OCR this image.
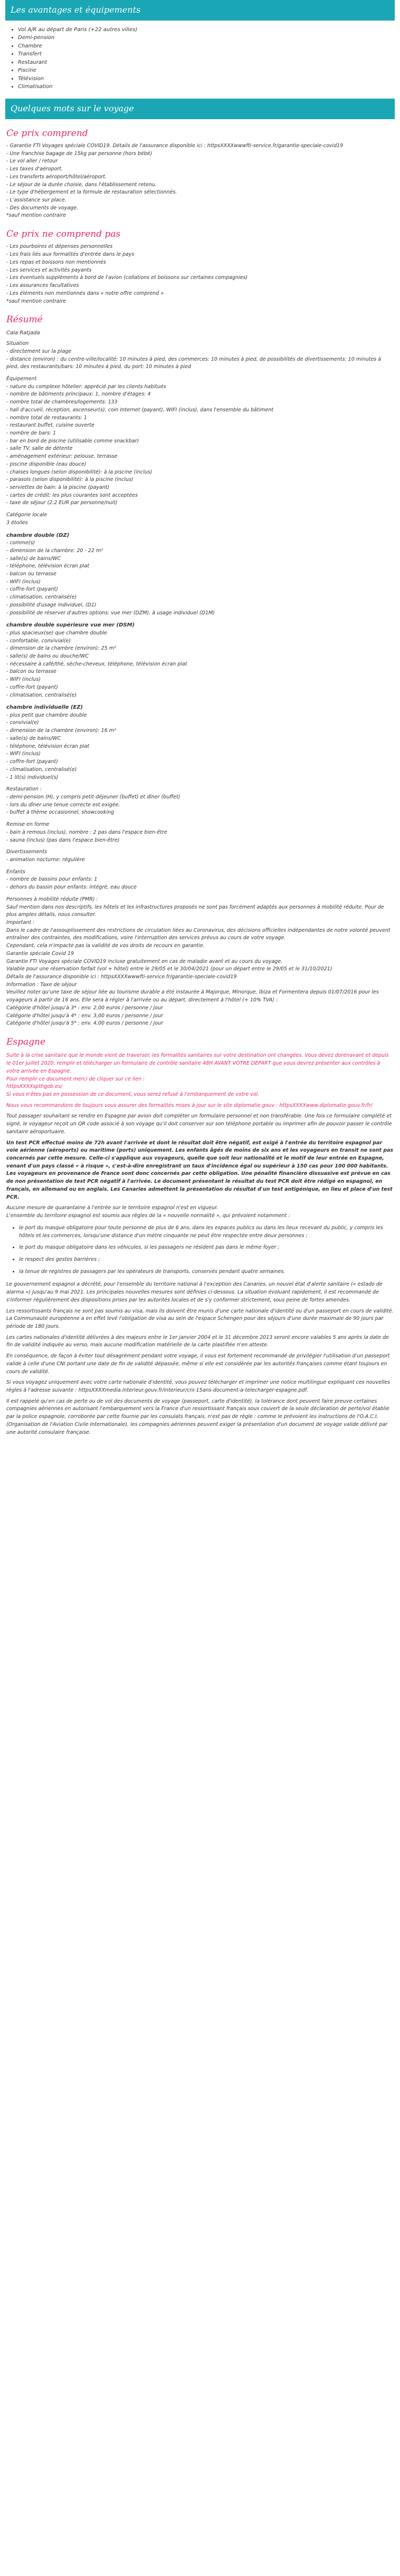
Les avantages et équipements
• Vol A/R au départ de Paris (+22 autres villes)
• Demi-pension
• Chambre
• Transfert
• Restaurant
• Piscine
• Télévision
• Climatisation
Quelques mots sur le voyage
Ce prix comprend
- Garantie FTI Voyages spéciale COVID19. Détails de l'assurance disponible ici : httpsXXXXwwwfti-service.fr/garantie-speciale-covid19
- Une franchise bagage de 15kg par personne (hors bébé)
- Le vol aller / retour
- Les taxes d'aéroport.
- Les transferts aéroport/hôtel/aéroport.
- Le séjour de la durée choisie, dans l'établissement retenu.
- Le type d'hébergement et la formule de restauration sélectionnés.
- L'assistance sur place.
- Des documents de voyage.
*sauf mention contraire
Ce prix ne comprend pas
- Les pourboires et dépenses personnelles
- Les frais liés aux formalités d'entrée dans le pays
- Les repas et boissons non mentionnés
- Les services et activités payants
- Les éventuels suppléments à bord de l'avion (collations et boissons sur certaines compagnies)
- Les assurances facultatives
- Les éléments non mentionnés dans « notre offre comprend »
*sauf mention contraire
Résumé
Cala Ratjada
Situation
- directement sur la plage
- distance (environ) : du centre-ville/localité: 10 minutes à pied, des commerces: 10 minutes à pied, de possibilités de divertissements: 10 minutes à pied, des restaurants/bars: 10 minutes à pied, du port: 10 minutes à pied
Équipement
- nature du complexe hôtelier: apprécié par les clients habitués
- nombre de bâtiments principaux: 1, nombre d'étages: 4
- nombre total de chambres/logements: 133
- hall d'accueil, réception, ascenseur(s), coin Internet (payant), WIFI (inclus), dans l'ensemble du bâtiment
- nombre total de restaurants: 1
- restaurant buffet, cuisine ouverte
- nombre de bars: 1
- bar en bord de piscine (utilisable comme snackbar)
- salle TV, salle de détente
- aménagement extérieur: pelouse, terrasse
- piscine disponible (eau douce)
- chaises longues (selon disponibilité): à la piscine (inclus)
- parasols (selon disponibilité): à la piscine (inclus)
- serviettes de bain: à la piscine (payant)
- cartes de crédit: les plus courantes sont acceptées
- taxe de séjour (2.2 EUR par personne/nuit)
Catégorie locale
3 étoiles
chambre double (DZ)
- comme(s)
- dimension de la chambre: 20 - 22 m²
- salle(s) de bains/WC
- téléphone, télévision écran plat
- balcon ou terrasse
- WIFI (inclus)
- coffre-fort (payant)
- climatisation, centralisé(e)
- possibilité d'usage individuel, (D1)
- possibilité de réserver d'autres options: vue mer (DZM), à usage individuel (D1M)
chambre double supérieure vue mer (DSM)
- plus spacieux(se) que chambre double
- confortable, convivial(e)
- dimension de la chambre (environ): 25 m²
- salle(s) de bains ou douche/WC
- nécessaire à café/thé, sèche-cheveux, téléphone, télévision écran plat
- balcon ou terrasse
- WIFI (inclus)
- coffre-fort (payant)
- climatisation, centralisé(e)
chambre individuelle (EZ)
- plus petit que chambre double
- convivial(e)
- dimension de la chambre (environ): 16 m²
- salle(s) de bains/WC
- téléphone, télévision écran plat
- WIFI (inclus)
- coffre-fort (payant)
- climatisation, centralisé(e)
- 1 lit(s) individuel(s)
Restauration :
- demi-pension (H), y compris petit-déjeuner (buffet) et dîner (buffet)
- lors du dîner une tenue correcte est exigée.
- buffet à thème occasionnel, showcooking
Remise en forme
- bain à remous (inclus), nombre : 2 pas dans l'espace bien-être
- sauna (inclus) (pas dans l'espace bien-être)
Divertissements
- animation nocturne: régulière
Enfants
- nombre de bassins pour enfants: 1
- dehors du bassin pour enfants: intégré, eau douce
Personnes à mobilité réduite (PMR) :
Sauf mention dans nos descriptifs, les hôtels et les infrastructures proposés ne sont pas forcément adaptés aux personnes à mobilité réduite. Pour de plus amples détails, nous consulter.
Important :
Dans le cadre de l'assouplissement des restrictions de circulation liées au Coronavirus, des décisions officielles indépendantes de notre volonté peuvent entraîner des contraintes, des modifications, voire l'interruption des services prévus au cours de votre voyage.
Cependant, cela n'impacte pas la validité de vos droits de recours en garantie.
Garantie spéciale Covid 19
Garantie FTI Voyages spéciale COVID19 incluse gratuitement en cas de maladie avant et au cours du voyage.
Valable pour une réservation forfait (vol + hôtel) entre le 29/05 et le 30/04/2021 (pour un départ entre le 29/05 et le 31/10/2021)
Détails de l'assurance disponible ici : httpsXXXXwwwfti-service.fr/garantie-speciale-covid19
Information : Taxe de séjour
Veuillez noter qu'une taxe de séjour liée au tourisme durable a été instaurée à Majorque, Minorque, Ibiza et Formentera depuis 01/07/2016 pour les voyageurs à partir de 16 ans. Elle sera à régler à l'arrivée ou au départ, directement à l'hôtel (+ 10% TVA) :
Catégorie d'hôtel jusqu'à 3* : env. 2,00 euros / personne / jour
Catégorie d'hôtel jusqu'à 4* : env. 3,00 euros / personne / jour
Catégorie d'hôtel jusqu'à 5* : env. 4,00 euros / personne / jour
Espagne
Suite à la crise sanitaire que le monde vient de traverser, les formalités sanitaires sur votre destination ont changées. Vous devez dorénavant et depuis le 01er juillet 2020, remplir et télécharger un formulaire de contrôle sanitaire 48H AVANT VOTRE DEPART que vous devrez présenter aux contrôles à votre arrivée en Espagne.
Pour remplir ce document merci de cliquer sur ce lien :
httpsXXXXspthgob.es/
Si vous n'êtes pas en possession de ce document, vous serez refusé à l'embarquement de votre vol.
Nous vous recommandons de toujours vous assurer des formalités mises à jour sur le site diplomatie.gouv : httpsXXXXwww.diplomatie.gouv.fr/fr/
Tout passager souhaitant se rendre en Espagne par avion doit compléter un formulaire personnel et non transférable. Une fois ce formulaire complété et signé, le voyageur reçoit un QR code associé à son voyage qu'il doit conserver sur son téléphone portable ou imprimer afin de pouvoir passer le contrôle sanitaire aéroportuaire.
Un test PCR effectué moins de 72h avant l'arrivée et dont le résultat doit être négatif, est exigé à l'entrée du territoire espagnol par voie aérienne (aéroports) ou maritime (ports) uniquement. Les enfants âgés de moins de six ans et les voyageurs en transit ne sont pas concernés par cette mesure. Celle-ci s'applique aux voyageurs, quelle que soit leur nationalité et le motif de leur entrée en Espagne, venant d'un pays classé « à risque », c'est-à-dire enregistrant un taux d'incidence égal ou supérieur à 150 cas pour 100 000 habitants. Les voyageurs en provenance de France sont donc concernés par cette obligation. Une pénalité financière dissuasive est prévue en cas de non présentation de test PCR négatif à l'arrivée. Le document présentant le résultat du test PCR doit être rédigé en espagnol, en français, en allemand ou en anglais. Les Canaries admettent la présentation du résultat d'un test antigénique, en lieu et place d'un test PCR.
Aucune mesure de quarantaine à l'entrée sur le territoire espagnol n'est en vigueur.
L'ensemble du territoire espagnol est soumis aux règles de la « nouvelle normalité », qui prévoient notamment :
• le port du masque obligatoire pour toute personne de plus de 6 ans, dans les espaces publics ou dans les lieux recevant du public, y compris les hôtels et les commerces, lorsqu'une distance d'un mètre cinquante ne peut être respectée entre deux personnes ;
• le port du masque obligatoire dans les véhicules, si les passagers ne résident pas dans le même foyer ;
• le respect des gestes barrières ;
• la tenue de registres de passagers par les opérateurs de transports, conservés pendant quatre semaines.
Le gouvernement espagnol a décrété, pour l'ensemble du territoire national à l'exception des Canaries, un nouvel état d'alerte sanitaire (« estado de alarma ») jusqu'au 9 mai 2021. Les principales nouvelles mesures sont définies ci-dessous. La situation évoluant rapidement, il est recommandé de s'informer régulièrement des dispositions prises par les autorités locales et de s'y conformer strictement, sous peine de fortes amendes.
Les ressortissants français ne sont pas soumis au visa, mais ils doivent être munis d'une carte nationale d'identité ou d'un passeport en cours de validité. La Communauté européenne a en effet levé l'obligation de visa au sein de l'espace Schengen pour des séjours d'une durée maximale de 90 jours par période de 180 jours.
Les cartes nationales d'identité délivrées à des majeurs entre le 1er janvier 2004 et le 31 décembre 2013 seront encore valables 5 ans après la date de fin de validité indiquée au verso, mais aucune modification matérielle de la carte plastifiée n'en atteste.
En conséquence, de façon à éviter tout désagrément pendant votre voyage, il vous est fortement recommandé de privilégier l'utilisation d'un passeport valide à celle d'une CNI portant une date de fin de validité dépassée, même si elle est considérée par les autorités françaises comme étant toujours en cours de validité.
Si vous voyagez uniquement avec votre carte nationale d'identité, vous pouvez télécharger et imprimer une notice multilingue expliquant ces nouvelles règles à l'adresse suivante : httpsXXXXmedia.interieur.gouv.fr/interieur/cni-15ans-document-a-telecharger-espagne.pdf.
Il est rappelé qu'en cas de perte ou de vol des documents de voyage (passeport, carte d'identité), la tolérance dont peuvent faire preuve certaines compagnies aériennes en autorisant l'embarquement vers la France d'un ressortissant français sous couvert de la seule déclaration de perte/vol établie par la police espagnole, corroborée par cette fournie par les consulats français, n'est pas de règle : comme le prévoient les instructions de l'O.A.C.I. (Organisation de l'Aviation Civile Internationale), les compagnies aériennes peuvent exiger la présentation d'un document de voyage valide délivré par une autorité consulaire française.
